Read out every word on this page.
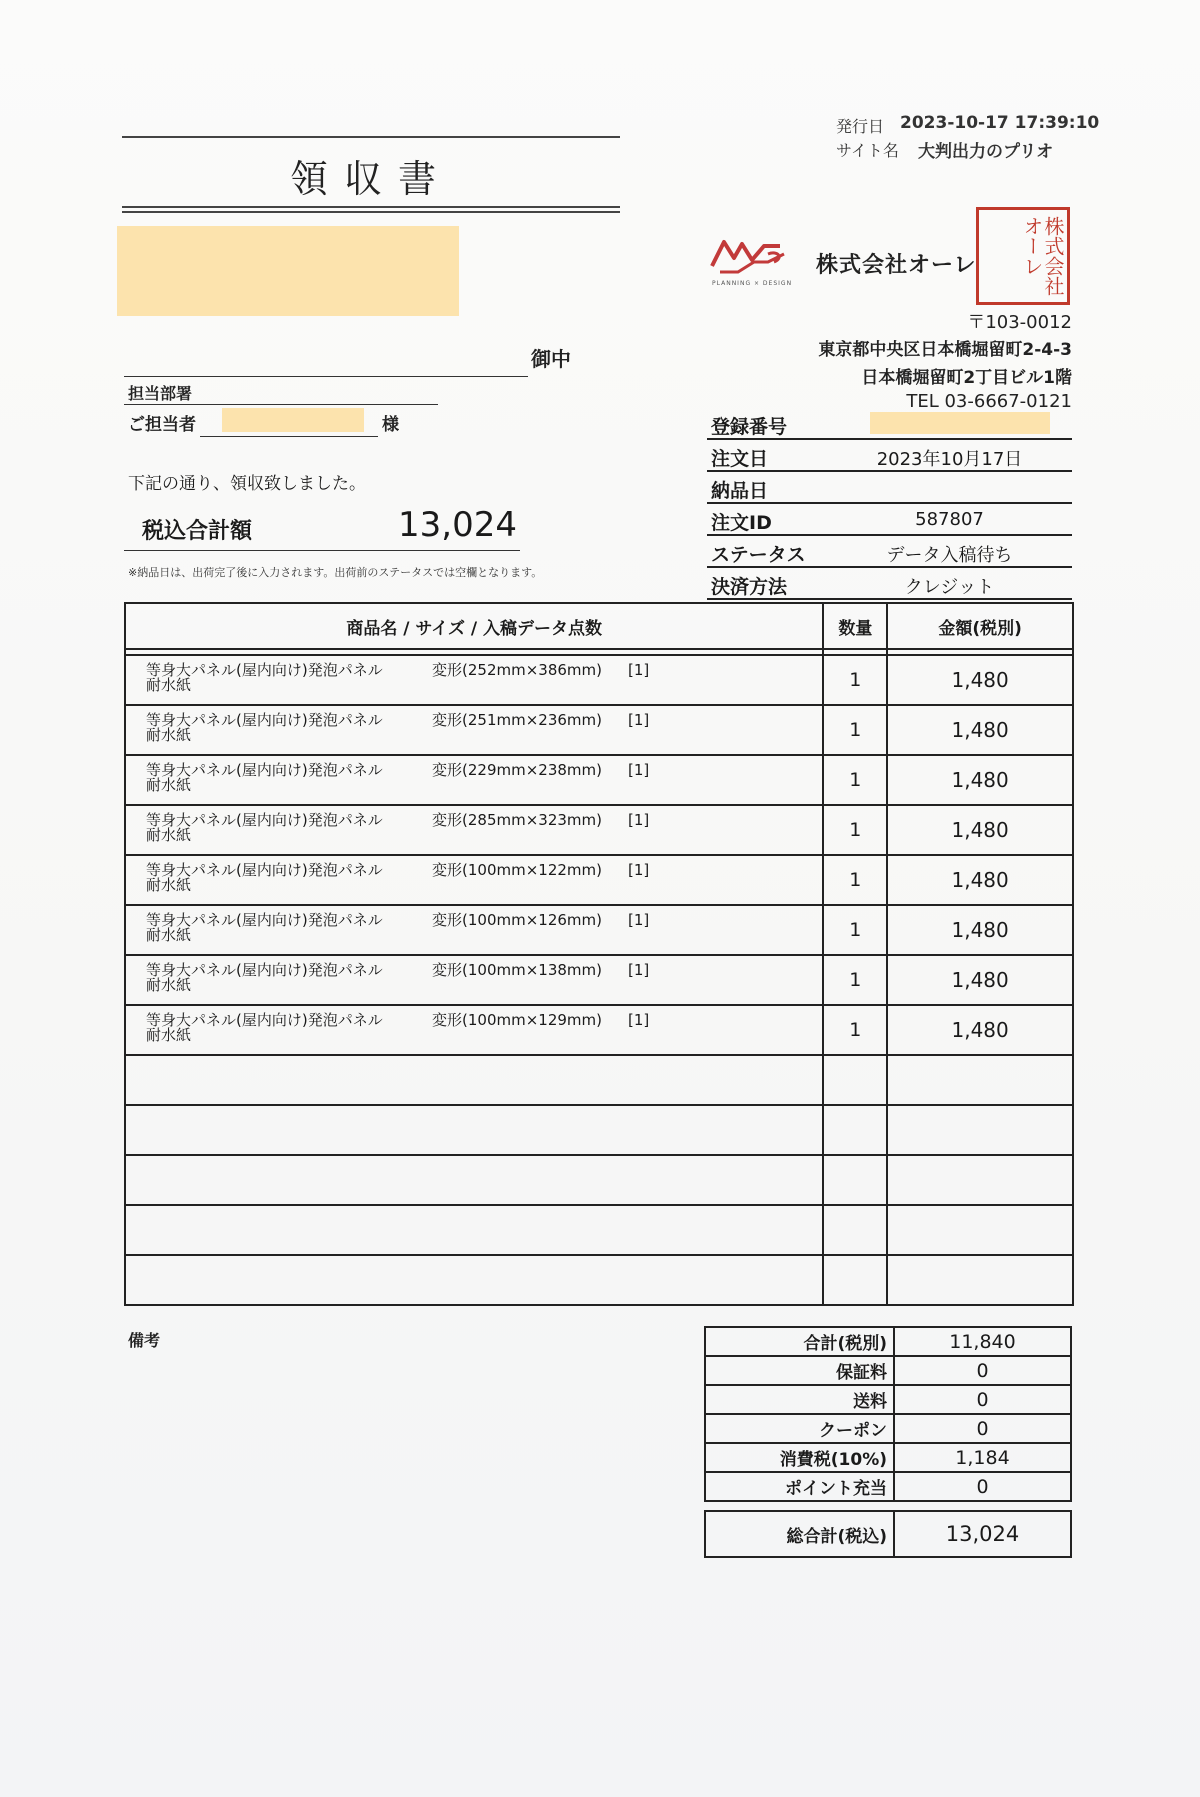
領収書
御中
担当部署
ご担当者	様
下記の通り、領収致しました。
税込合計額	13,024
※納品日は、出荷完了後に入力されます。出荷前のステータスでは空欄となります。
発行日 2023-10-17 17:39:10
サイト名 大判出力のプリオ
PLANNING × DESIGN
株式会社オーレ	株式会社オーレ
〒103-0012
東京都中央区日本橋堀留町2-4-3
日本橋堀留町2丁目ビル1階
TEL 03-6667-0121
登録番号
注文日	2023年10月17日
納品日
注文ID	587807
ステータス	データ入稿待ち
決済方法	クレジット
商品名 / サイズ / 入稿データ点数	数量	金額(税別)

等身大パネル(屋内向け)発泡パネル
耐水紙
変形(252mm×386mm) [1]	1	1,480

等身大パネル(屋内向け)発泡パネル
耐水紙
変形(251mm×236mm) [1]	1	1,480

等身大パネル(屋内向け)発泡パネル
耐水紙
変形(229mm×238mm) [1]	1	1,480

等身大パネル(屋内向け)発泡パネル
耐水紙
変形(285mm×323mm) [1]	1	1,480

等身大パネル(屋内向け)発泡パネル
耐水紙
変形(100mm×122mm) [1]	1	1,480

等身大パネル(屋内向け)発泡パネル
耐水紙
変形(100mm×126mm) [1]	1	1,480

等身大パネル(屋内向け)発泡パネル
耐水紙
変形(100mm×138mm) [1]	1	1,480

等身大パネル(屋内向け)発泡パネル
耐水紙
変形(100mm×129mm) [1]	1	1,480

備考	合計(税別)	11,840
保証料	0
送料	0
クーポン	0
消費税(10%)	1,184
ポイント充当	0

総合計(税込)	13,024
